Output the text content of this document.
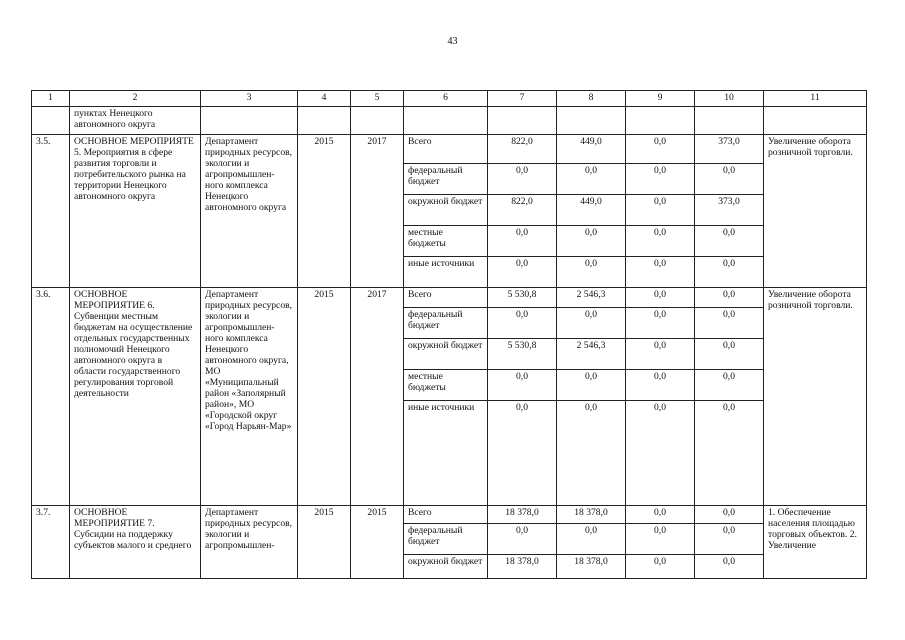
43
1	2	3	4	5	6	7	8	9	10	11
	пунктах Ненецкого автономного округа									
3.5.	ОСНОВНОЕ МЕРОПРИЯТЕ 5. Мероприятия в сфере развития торговли и потребительского рынка на территории Ненецкого автономного округа	Департамент природных ресурсов, экологии и агропромышлен-ного комплекса Ненецкого автономного округа	2015	2017	Всего	822,0	449,0	0,0	373,0	Увеличение оборота розничной торговли.
					федеральный бюджет	0,0	0,0	0,0	0,0	
					окружной бюджет	822,0	449,0	0,0	373,0	
					местные бюджеты	0,0	0,0	0,0	0,0	
					иные источники	0,0	0,0	0,0	0,0	
3.6.	ОСНОВНОЕ МЕРОПРИЯТИЕ 6. Субвенции местным бюджетам на осуществление отдельных государственных полномочий Ненецкого автономного округа в области государственного регулирования торговой деятельности	Департамент природных ресурсов, экологии и агропромышлен-ного комплекса Ненецкого автономного округа, МО «Муниципальный район «Заполярный район», МО «Городской округ «Город Нарьян-Мар»	2015	2017	Всего	5 530,8	2 546,3	0,0	0,0	Увеличение оборота розничной торговли.
					федеральный бюджет	0,0	0,0	0,0	0,0	
					окружной бюджет	5 530,8	2 546,3	0,0	0,0	
					местные бюджеты	0,0	0,0	0,0	0,0	
					иные источники	0,0	0,0	0,0	0,0	
3.7.	ОСНОВНОЕ МЕРОПРИЯТИЕ 7. Субсидии на поддержку субъектов малого и среднего	Департамент природных ресурсов, экологии и агропромышлен-	2015	2015	Всего	18 378,0	18 378,0	0,0	0,0	1. Обеспечение населения площадью торговых объектов. 2. Увеличение
					федеральный бюджет	0,0	0,0	0,0	0,0	
					окружной бюджет	18 378,0	18 378,0	0,0	0,0	
